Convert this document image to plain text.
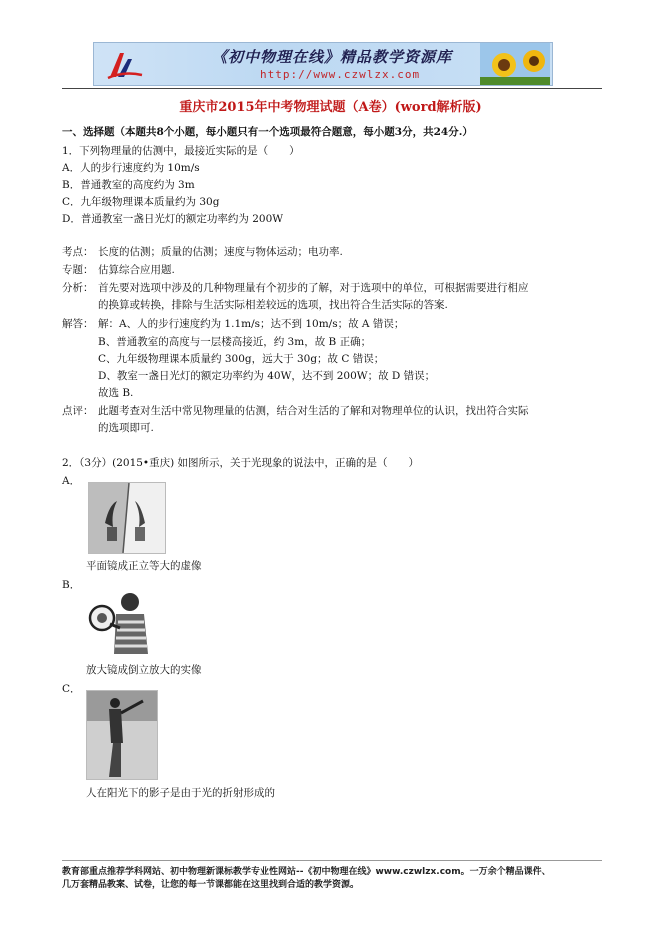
《初中物理在线》精品教学资源库
http://www.czwlzx.com
重庆市2015年中考物理试题（A卷）(word解析版)
一、选择题（本题共8个小题，每小题只有一个选项最符合题意，每小题3分，共24分.）
1．下列物理量的估测中，最接近实际的是（　　）
A．人的步行速度约为 10m/s
B．普通教室的高度约为 3m
C．九年级物理课本质量约为 30g
D．普通教室一盏日光灯的额定功率约为 200W
考点： 长度的估测；质量的估测；速度与物体运动；电功率.
专题： 估算综合应用题.
分析： 首先要对选项中涉及的几种物理量有个初步的了解，对于选项中的单位，可根据需要进行相应
的换算或转换，排除与生活实际相差较远的选项，找出符合生活实际的答案.
解答： 解：A、人的步行速度约为 1.1m/s；达不到 10m/s；故 A 错误；
B、普通教室的高度与一层楼高接近，约 3m，故 B 正确；
C、九年级物理课本质量约 300g，远大于 30g；故 C 错误；
D、教室一盏日光灯的额定功率约为 40W，达不到 200W；故 D 错误；
故选 B.
点评： 此题考查对生活中常见物理量的估测，结合对生活的了解和对物理单位的认识，找出符合实际
的选项即可.
2．（3分）(2015•重庆) 如图所示，关于光现象的说法中，正确的是（　　）
A．
平面镜成正立等大的虚像
B．
放大镜成倒立放大的实像
C．
人在阳光下的影子是由于光的折射形成的
教育部重点推荐学科网站、初中物理新课标教学专业性网站--《初中物理在线》www.czwlzx.com。一万余个精品课件、
几万套精品教案、试卷，让您的每一节课都能在这里找到合适的教学资源。
